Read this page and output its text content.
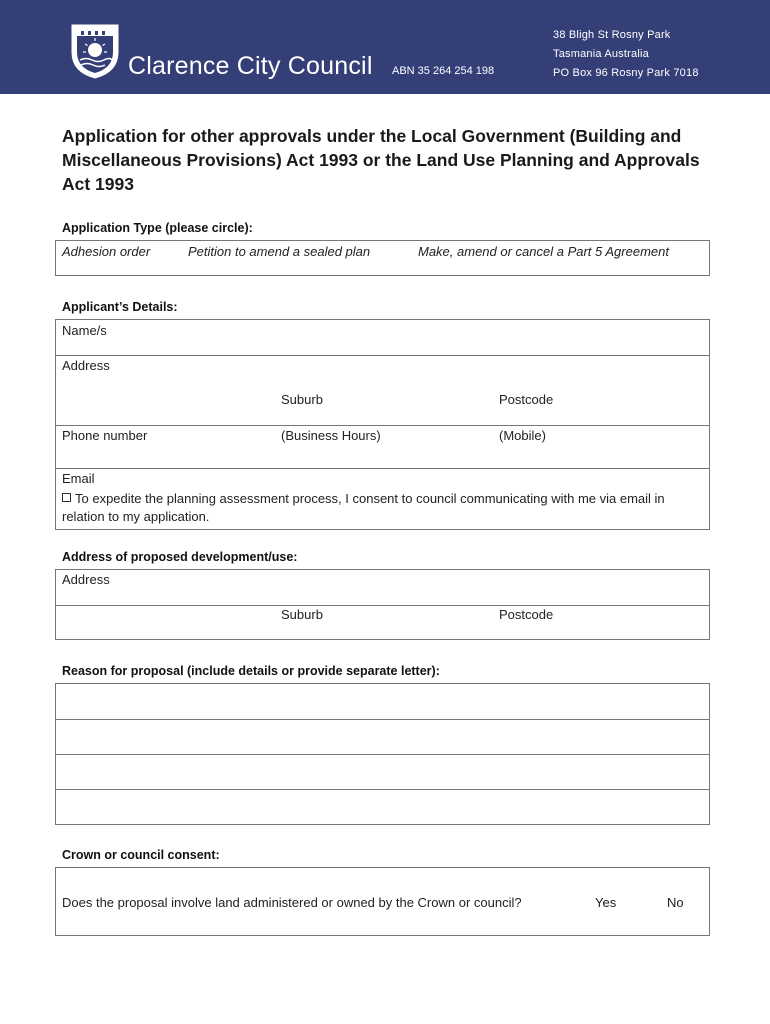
Clarence City Council ABN 35 264 254 198
38 Bligh St Rosny Park
Tasmania Australia
PO Box 96 Rosny Park 7018
Application for other approvals under the Local Government (Building and Miscellaneous Provisions) Act 1993 or the Land Use Planning and Approvals Act 1993
Application Type (please circle):
Adhesion order	Petition to amend a sealed plan	Make, amend or cancel a Part 5 Agreement
Applicant’s Details:
Name/s
Address
Suburb	Postcode
Phone number	(Business Hours)	(Mobile)
Email
To expedite the planning assessment process, I consent to council communicating with me via email in relation to my application.
Address of proposed development/use:
Address
Suburb	Postcode
Reason for proposal (include details or provide separate letter):
Crown or council consent:
Does the proposal involve land administered or owned by the Crown or council?	Yes	No
